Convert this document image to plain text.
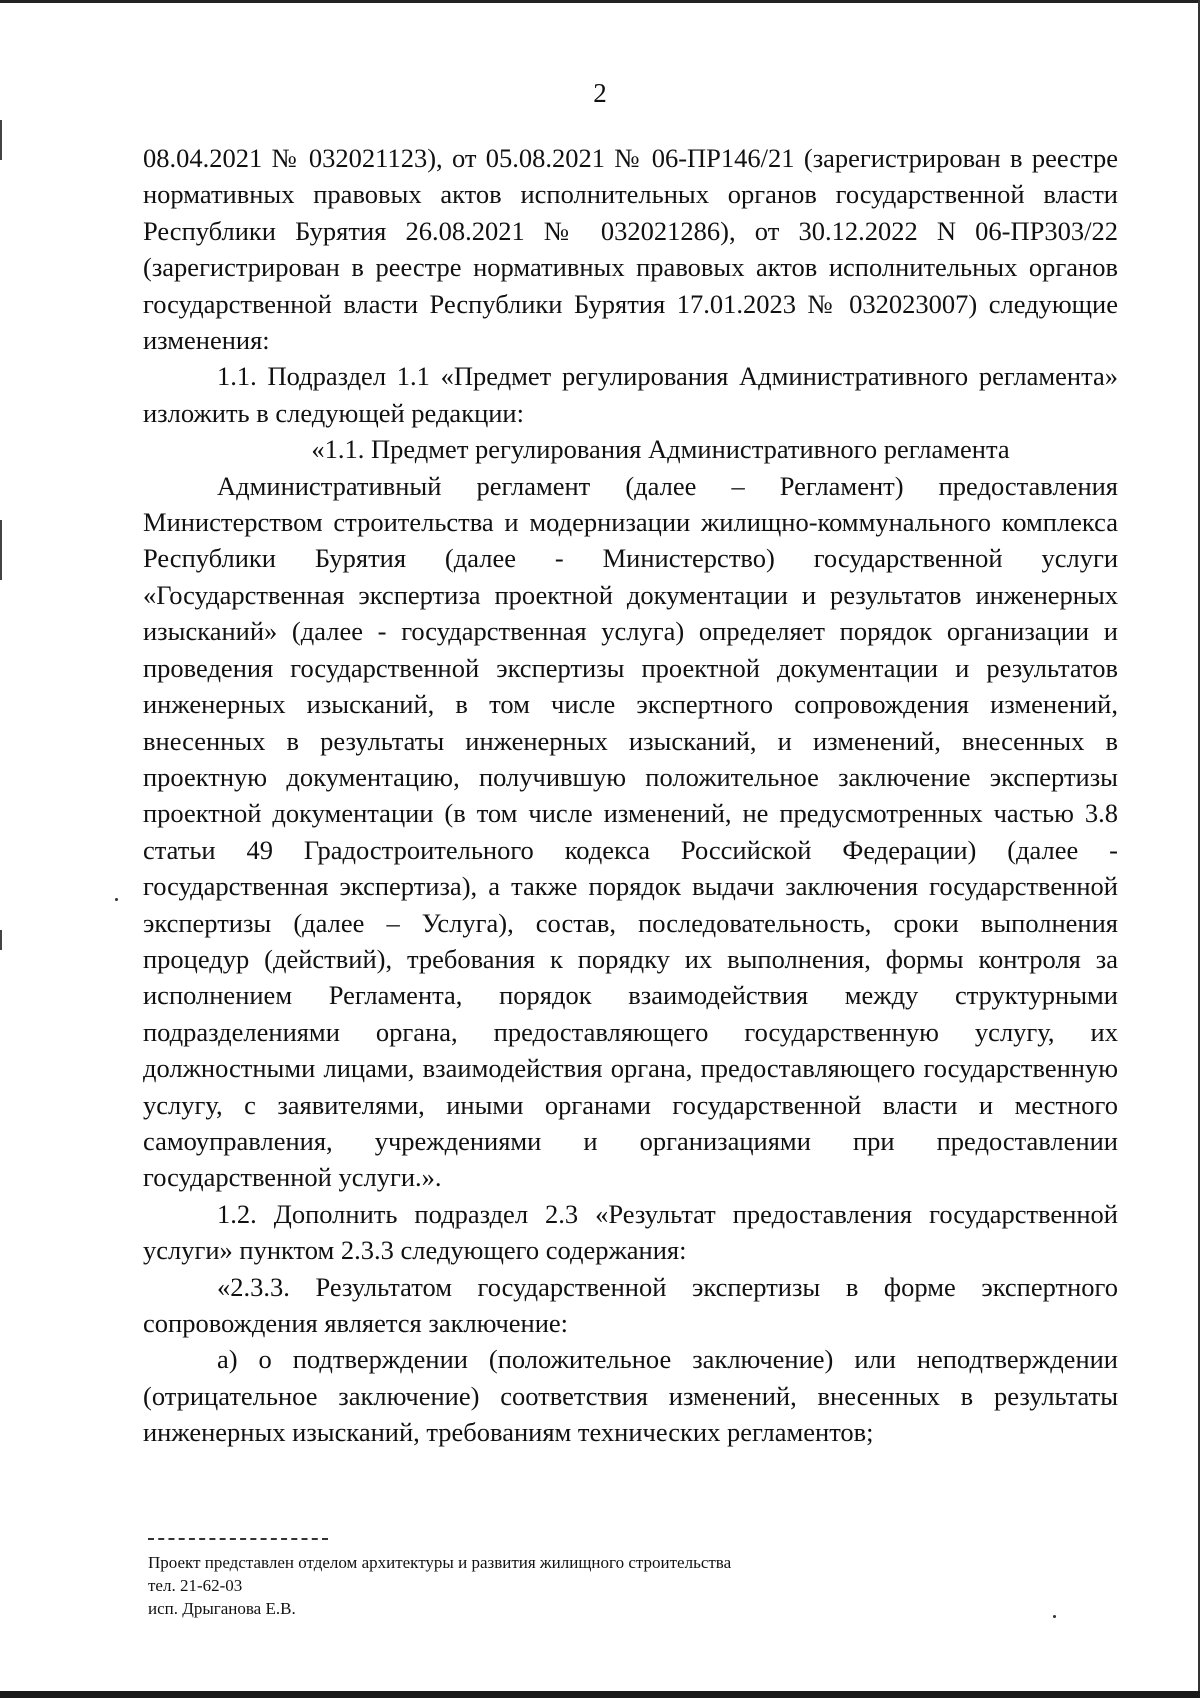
2

08.04.2021 № 032021123), от 05.08.2021 № 06-ПР146/21 (зарегистрирован в реестре нормативных правовых актов исполнительных органов государственной власти Республики Бурятия 26.08.2021 № 032021286), от 30.12.2022 N 06-ПР303/22 (зарегистрирован в реестре нормативных правовых актов исполнительных органов государственной власти Республики Бурятия 17.01.2023 № 032023007) следующие изменения:

1.1. Подраздел 1.1 «Предмет регулирования Административного регламента» изложить в следующей редакции:

«1.1. Предмет регулирования Административного регламента

Административный регламент (далее – Регламент) предоставления Министерством строительства и модернизации жилищно-коммунального комплекса Республики Бурятия (далее - Министерство) государственной услуги «Государственная экспертиза проектной документации и результатов инженерных изысканий» (далее - государственная услуга) определяет порядок организации и проведения государственной экспертизы проектной документации и результатов инженерных изысканий, в том числе экспертного сопровождения изменений, внесенных в результаты инженерных изысканий, и изменений, внесенных в проектную документацию, получившую положительное заключение экспертизы проектной документации (в том числе изменений, не предусмотренных частью 3.8 статьи 49 Градостроительного кодекса Российской Федерации) (далее - государственная экспертиза), а также порядок выдачи заключения государственной экспертизы (далее – Услуга), состав, последовательность, сроки выполнения процедур (действий), требования к порядку их выполнения, формы контроля за исполнением Регламента, порядок взаимодействия между структурными подразделениями органа, предоставляющего государственную услугу, их должностными лицами, взаимодействия органа, предоставляющего государственную услугу, с заявителями, иными органами государственной власти и местного самоуправления, учреждениями и организациями при предоставлении государственной услуги.».

1.2. Дополнить подраздел 2.3 «Результат предоставления государственной услуги» пунктом 2.3.3 следующего содержания:

«2.3.3. Результатом государственной экспертизы в форме экспертного сопровождения является заключение:

а) о подтверждении (положительное заключение) или неподтверждении (отрицательное заключение) соответствия изменений, внесенных в результаты инженерных изысканий, требованиям технических регламентов;

Проект представлен отделом архитектуры и развития жилищного строительства
тел. 21-62-03
исп. Дрыганова Е.В.
